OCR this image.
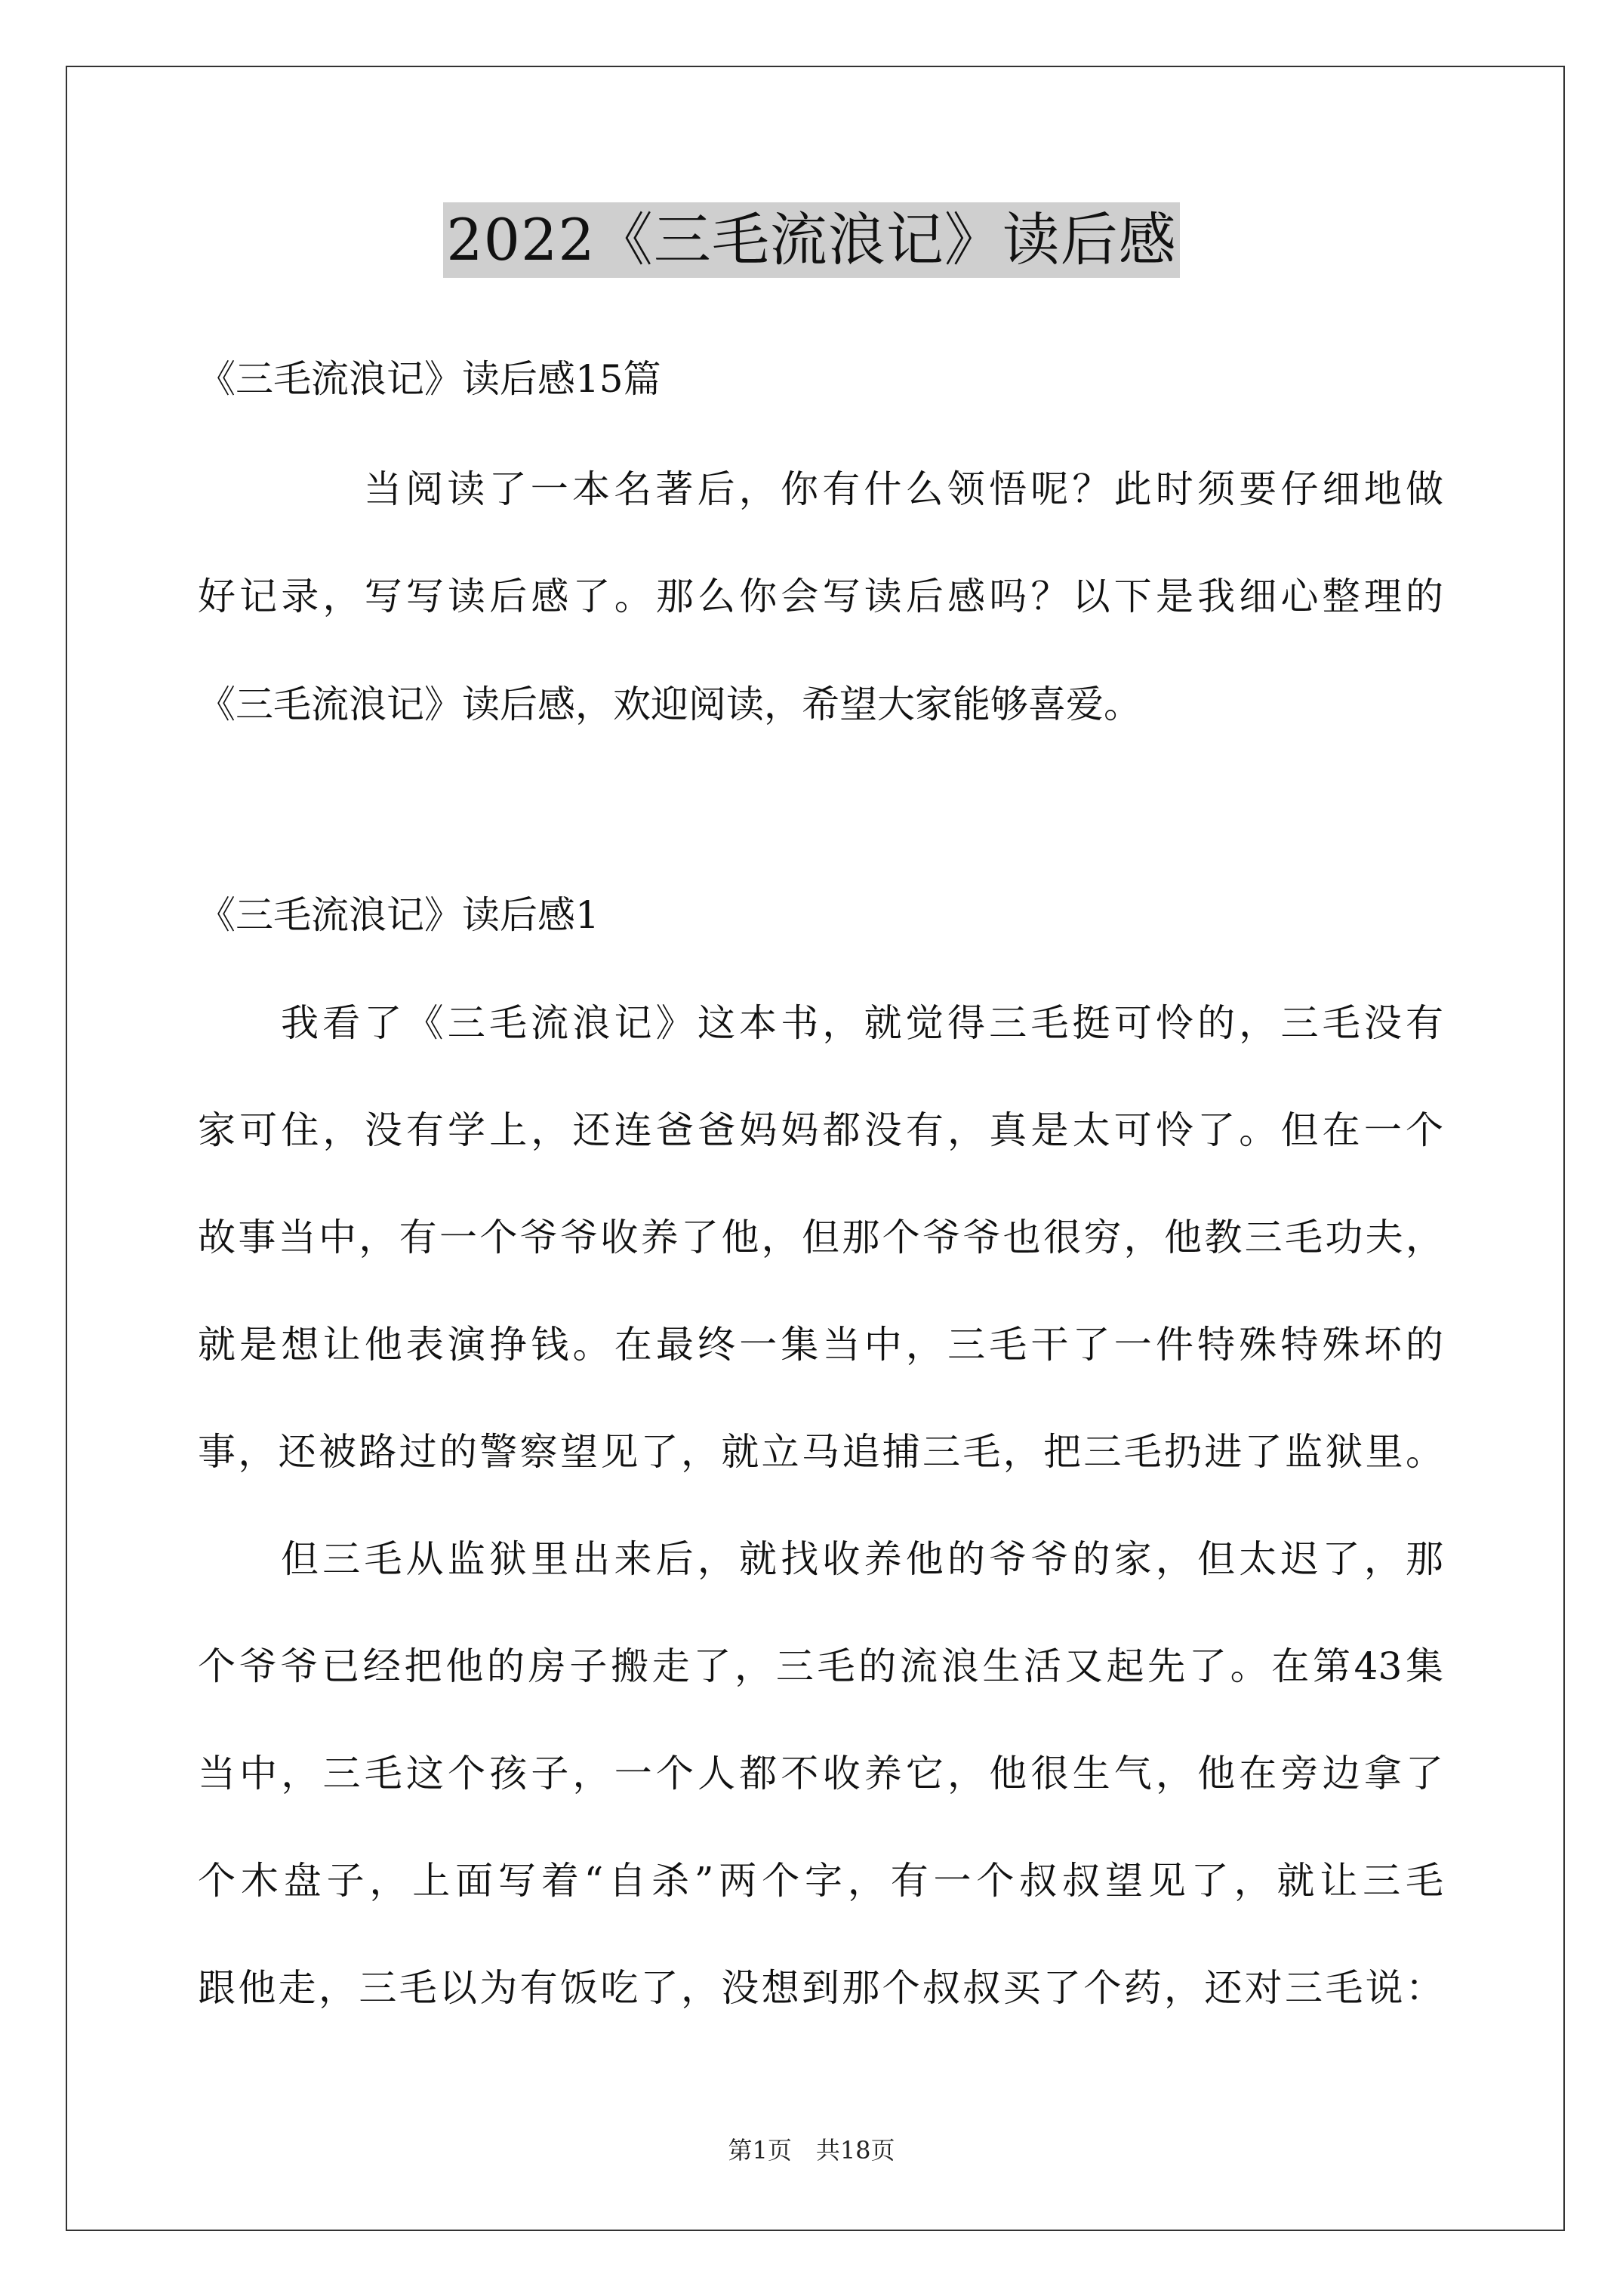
2022《三毛流浪记》读后感
《三毛流浪记》读后感15篇
当阅读了一本名著后，你有什么领悟呢？此时须要仔细地做
好记录，写写读后感了。那么你会写读后感吗？以下是我细心整理的
《三毛流浪记》读后感，欢迎阅读，希望大家能够喜爱。
《三毛流浪记》读后感1
我看了《三毛流浪记》这本书，就觉得三毛挺可怜的，三毛没有
家可住，没有学上，还连爸爸妈妈都没有，真是太可怜了。但在一个
故事当中，有一个爷爷收养了他，但那个爷爷也很穷，他教三毛功夫，
就是想让他表演挣钱。在最终一集当中，三毛干了一件特殊特殊坏的
事，还被路过的警察望见了，就立马追捕三毛，把三毛扔进了监狱里。
但三毛从监狱里出来后，就找收养他的爷爷的家，但太迟了，那
个爷爷已经把他的房子搬走了，三毛的流浪生活又起先了。在第43集
当中，三毛这个孩子，一个人都不收养它，他很生气，他在旁边拿了
个木盘子，上面写着“自杀”两个字，有一个叔叔望见了，就让三毛
跟他走，三毛以为有饭吃了，没想到那个叔叔买了个药，还对三毛说：
第1页　共18页
